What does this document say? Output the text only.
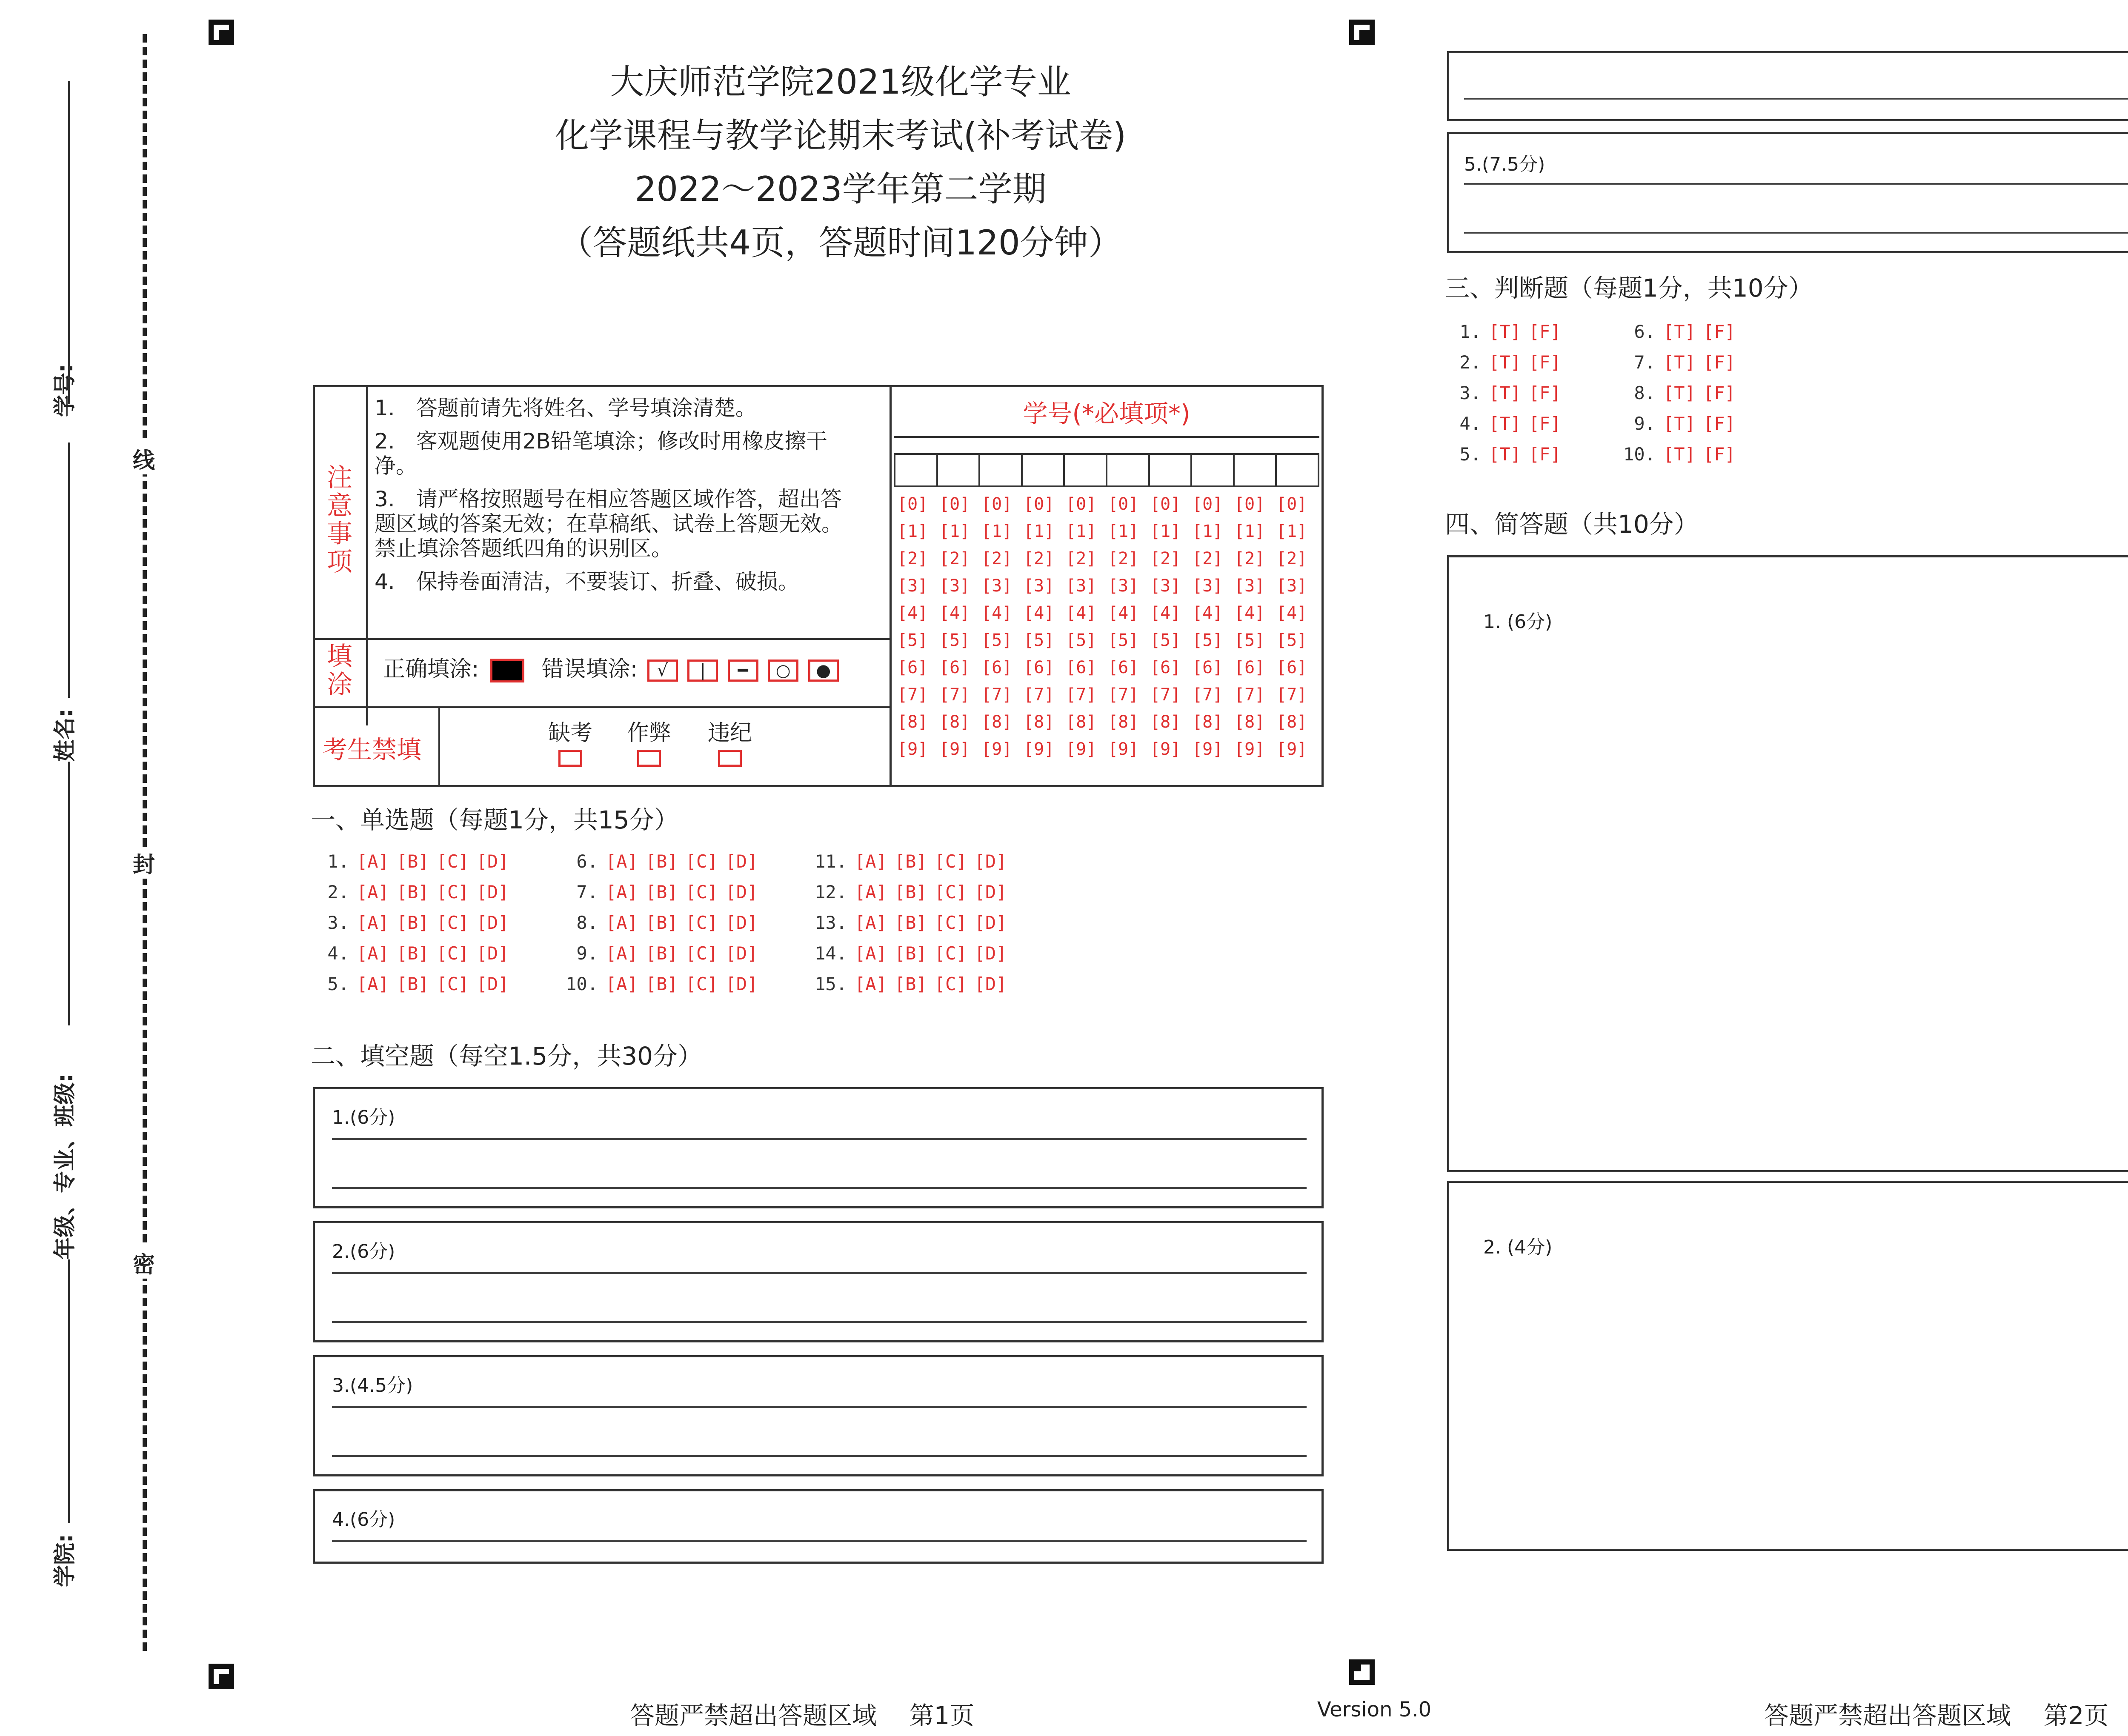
线
封
密
学号:
姓名:
年级、专业、班级:
学院:
大庆师范学院2021级化学专业
化学课程与教学论期末考试(补考试卷)
2022～2023学年第二学期
（答题纸共4页，答题时间120分钟）
注意事项

1.　答题前请先将姓名、学号填涂清楚。

2.　客观题使用2B铅笔填涂；修改时用橡皮擦干净。

3.　请严格按照题号在相应答题区域作答，超出答题区域的答案无效；在草稿纸、试卷上答题无效。禁止填涂答题纸四角的识别区。

4.　保持卷面清洁，不要装订、折叠、破损。

填涂
正确填涂:	错误填涂: √ | ━ ○ ●
考生禁填
缺考 作弊 违纪
学号(*必填项*)
[0] [0] [0] [0] [0] [0] [0] [0] [0] [0]
[1] [1] [1] [1] [1] [1] [1] [1] [1] [1]
[2] [2] [2] [2] [2] [2] [2] [2] [2] [2]
[3] [3] [3] [3] [3] [3] [3] [3] [3] [3]
[4] [4] [4] [4] [4] [4] [4] [4] [4] [4]
[5] [5] [5] [5] [5] [5] [5] [5] [5] [5]
[6] [6] [6] [6] [6] [6] [6] [6] [6] [6]
[7] [7] [7] [7] [7] [7] [7] [7] [7] [7]
[8] [8] [8] [8] [8] [8] [8] [8] [8] [8]
[9] [9] [9] [9] [9] [9] [9] [9] [9] [9]
一、单选题（每题1分，共15分）
1. [A] [B] [C] [D]
2. [A] [B] [C] [D]
3. [A] [B] [C] [D]
4. [A] [B] [C] [D]
5. [A] [B] [C] [D]
6. [A] [B] [C] [D]
7. [A] [B] [C] [D]
8. [A] [B] [C] [D]
9. [A] [B] [C] [D]
10. [A] [B] [C] [D]
11. [A] [B] [C] [D]
12. [A] [B] [C] [D]
13. [A] [B] [C] [D]
14. [A] [B] [C] [D]
15. [A] [B] [C] [D]
二、填空题（每空1.5分，共30分）
1.(6分)
2.(6分)
3.(4.5分)
4.(6分)
5.(7.5分)
三、判断题（每题1分，共10分）
1. [T] [F]
2. [T] [F]
3. [T] [F]
4. [T] [F]
5. [T] [F]
6. [T] [F]
7. [T] [F]
8. [T] [F]
9. [T] [F]
10. [T] [F]
四、简答题（共10分）
1. (6分)
2. (4分)
答题严禁超出答题区域　 第1页	Version 5.0	答题严禁超出答题区域　 第2页
